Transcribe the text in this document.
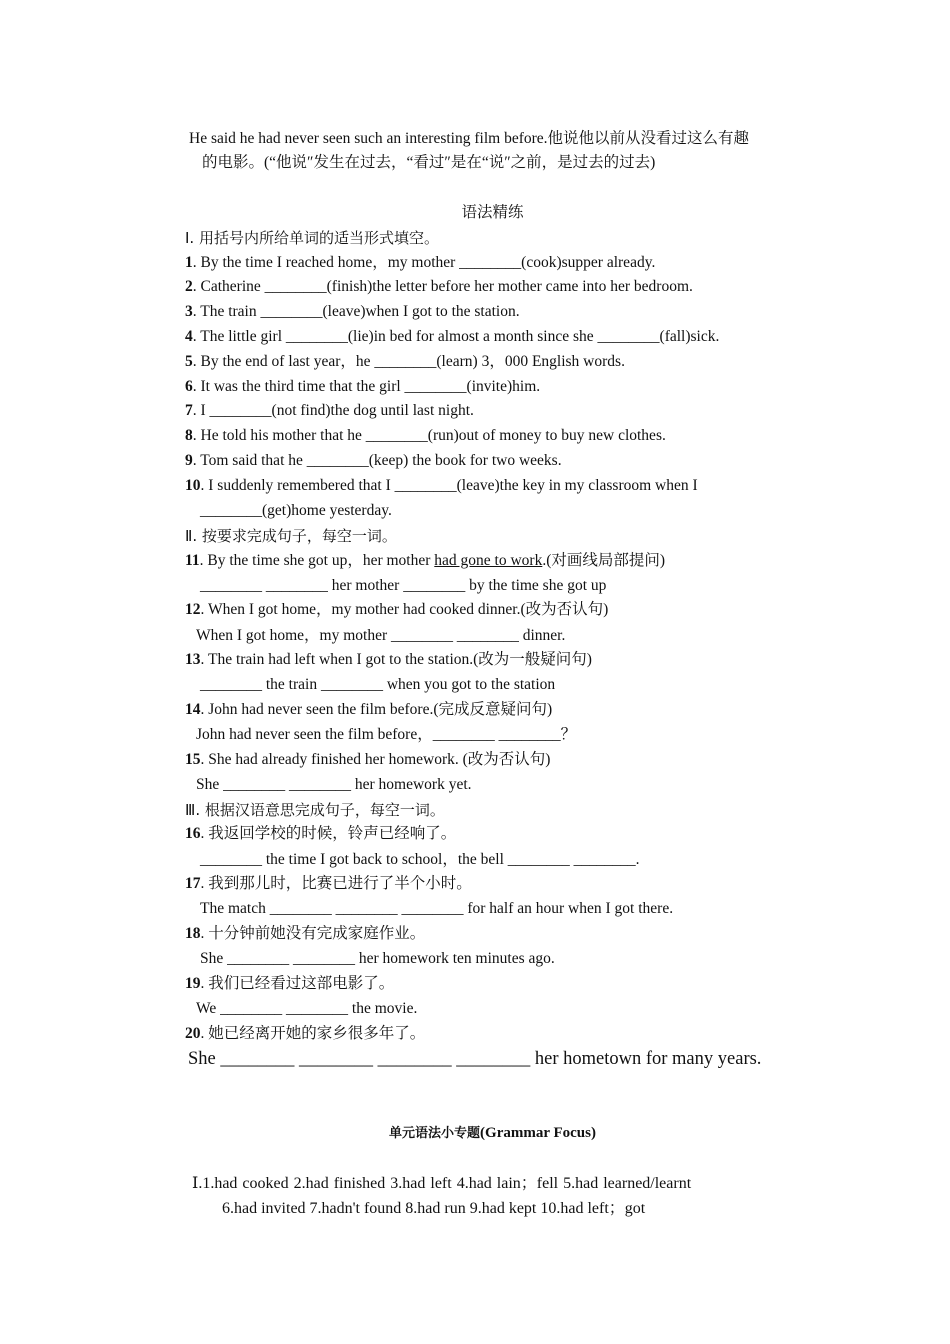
He said he had never seen such an interesting film before.他说他以前从没看过这么有趣
的电影。(“他说″发生在过去，“看过″是在“说″之前，是过去的过去)
语法精练
Ⅰ. 用括号内所给单词的适当形式填空。
1. By the time I reached home，my mother ________(cook)supper already.
2. Catherine ________(finish)the letter before her mother came into her bedroom.
3. The train ________(leave)when I got to the station.
4. The little girl ________(lie)in bed for almost a month since she ________(fall)sick.
5. By the end of last year，he ________(learn) 3，000 English words.
6. It was the third time that the girl ________(invite)him.
7. I ________(not find)the dog until last night.
8. He told his mother that he ________(run)out of money to buy new clothes.
9. Tom said that he ________(keep) the book for two weeks.
10. I suddenly remembered that I ________(leave)the key in my classroom when I
________(get)home yesterday.
Ⅱ. 按要求完成句子，每空一词。
11. By the time she got up，her mother had gone to work.(对画线局部提问)
________ ________ her mother ________ by the time she got up
12. When I got home，my mother had cooked dinner.(改为否认句)
When I got home，my mother ________ ________ dinner.
13. The train had left when I got to the station.(改为一般疑问句)
________ the train ________ when you got to the station
14. John had never seen the film before.(完成反意疑问句)
John had never seen the film before，________ ________？
15. She had already finished her homework. (改为否认句)
She ________ ________ her homework yet.
Ⅲ. 根据汉语意思完成句子，每空一词。
16. 我返回学校的时候，铃声已经响了。
________ the time I got back to school，the bell ________ ________.
17. 我到那儿时，比赛已进行了半个小时。
The match ________ ________ ________ for half an hour when I got there.
18. 十分钟前她没有完成家庭作业。
She ________ ________ her homework ten minutes ago.
19. 我们已经看过这部电影了。
We ________ ________ the movie.
20. 她已经离开她的家乡很多年了。
She ________ ________ ________ ________ her hometown for many years.
单元语法小专题(Grammar Focus)
Ⅰ.1.had cooked 2.had finished 3.had left 4.had lain；fell 5.had learned/learnt
6.had invited 7.hadn't found 8.had run 9.had kept 10.had left；got
